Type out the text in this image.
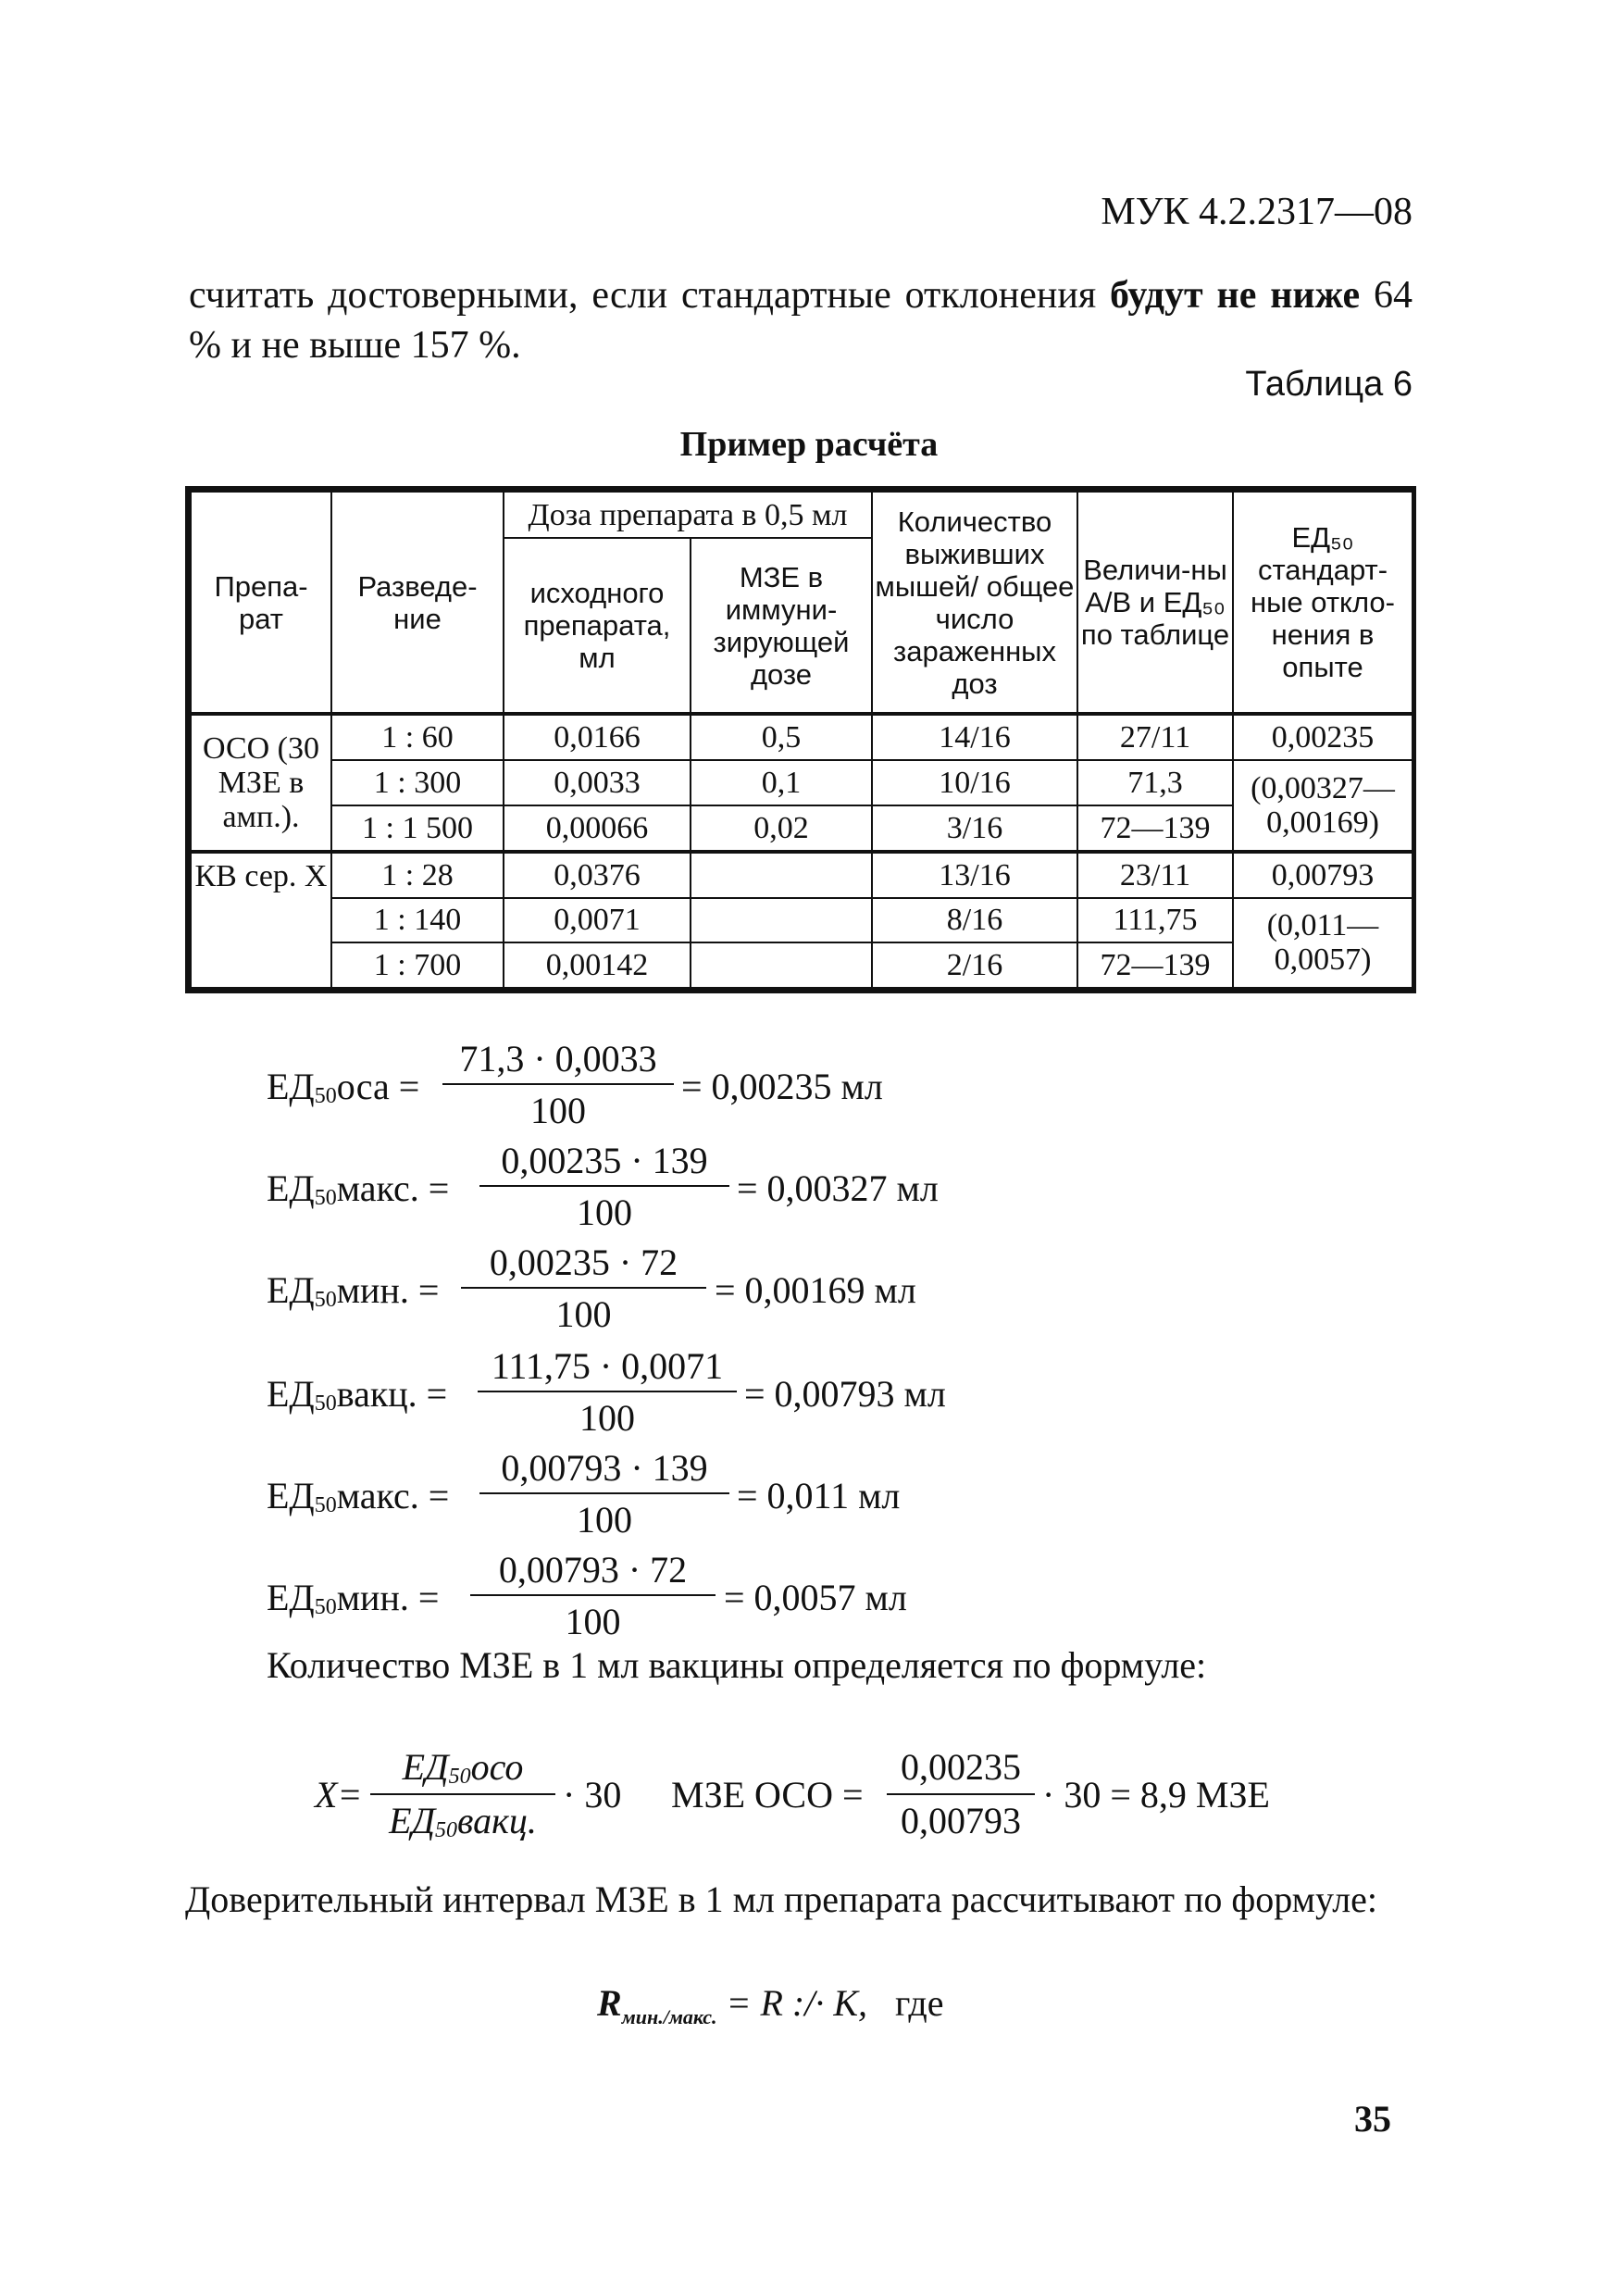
МУК 4.2.2317—08
считать достоверными, если стандартные отклонения будут не ниже 64 % и не выше 157 %.
Таблица 6
Пример расчёта
Препа-рат	Разведе-ние	Доза препарата в 0,5 мл		Количество выживших мышей/ общее число зараженных доз	Величи-ны А/В и ЕД₅₀ по таблице	ЕД₅₀ стандарт-ные откло-нения в опыте
		исходного препарата, мл	МЗЕ в иммуни-зирующей дозе			
ОСО (30 МЗЕ в амп.).	1 : 60	0,0166	0,5	14/16	27/11	0,00235
	1 : 300	0,0033	0,1	10/16	71,3	(0,00327—0,00169)
	1 : 1 500	0,00066	0,02	3/16	72—139	
КВ сер. Х	1 : 28	0,0376		13/16	23/11	0,00793
	1 : 140	0,0071		8/16	111,75	(0,011—0,0057)
	1 : 700	0,00142		2/16	72—139	
$ЕД_{50}оса$ =
71,3 · 0,0033
100
= 0,00235 мл
$ЕД_{50}макс$. =
0,00235 · 139
100
= 0,00327 мл
$ЕД_{50}мин$. =
0,00235 · 72
100
= 0,00169 мл
$ЕД_{50}вакц$. =
111,75 · 0,0071
100
= 0,00793 мл
$ЕД_{50}макс$. =
0,00793 · 139
100
= 0,011 мл
$ЕД_{50}мин$. =
0,00793 · 72
100
= 0,0057 мл
Количество МЗЕ в 1 мл вакцины определяется по формуле:
X=
$ЕД_{50}осо$
$ЕД_{50}вакц$.
· 30 МЗЕ ОСО =
0,00235
0,00793
· 30 = 8,9 МЗЕ
Доверительный интервал МЗЕ в 1 мл препарата рассчитывают по формуле:
$R_{мин./макс.} = R$ :/· K, где
35
